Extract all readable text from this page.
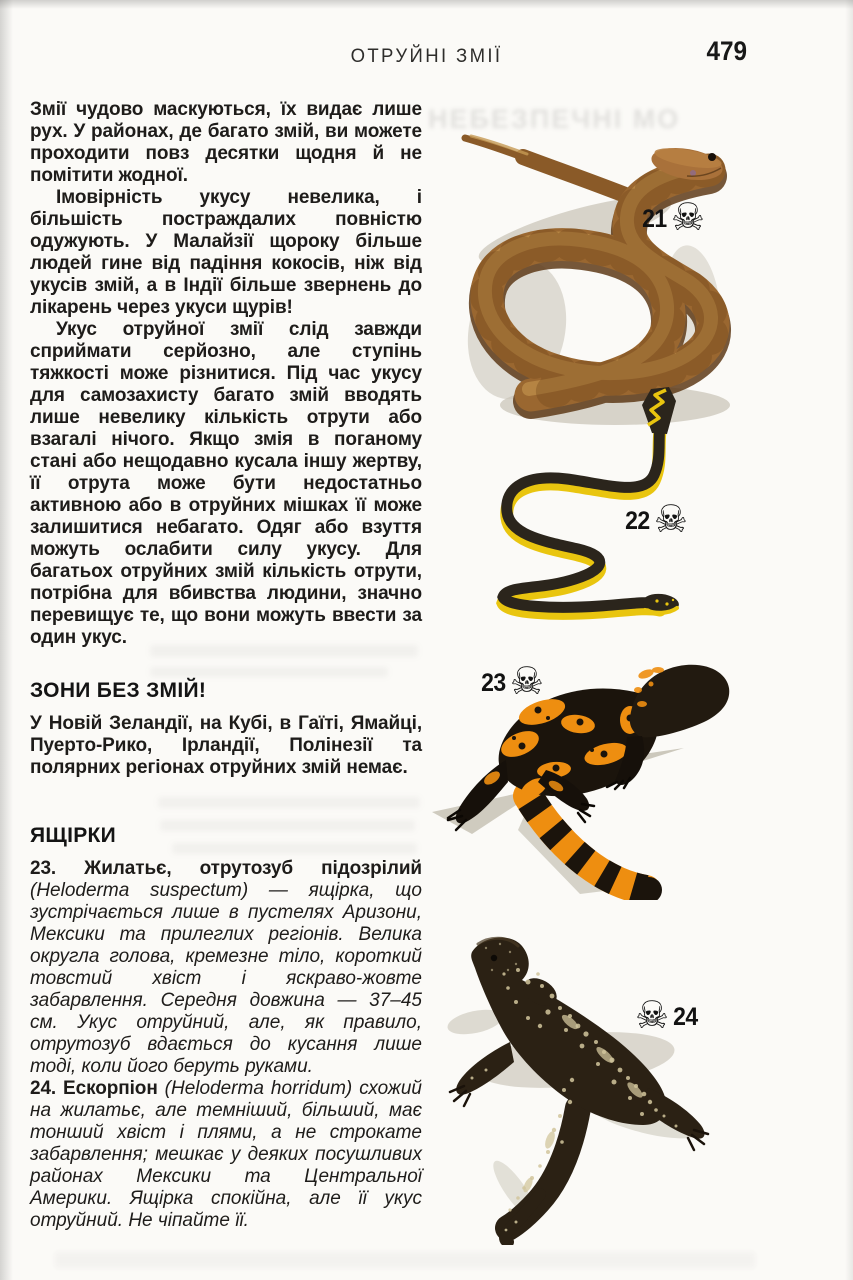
НЕБЕЗПЕЧНІ МО
ОТРУЙНІ ЗМІЇ	479

Змії чудово маскуються, їх видає лише рух. У районах, де багато змій, ви можете проходити повз десятки щодня й не помітити жодної.

Імовірність укусу невелика, і більшість постраждалих повністю одужують. У Малайзії щороку більше людей гине від падіння кокосів, ніж від укусів змій, а в Індії більше звернень до лікарень через укуси щурів!

Укус отруйної змії слід завжди сприймати серйозно, але ступінь тяжкості може різнитися. Під час укусу для самозахисту багато змій вводять лише невелику кількість отрути або взагалі нічого. Якщо змія в поганому стані або нещодавно кусала іншу жертву, її отрута може бути недостатньо активною або в отруйних мішках її може залишитися небагато. Одяг або взуття можуть ослабити силу укусу. Для багатьох отруйних змій кількість отрути, потрібна для вбивства людини, значно перевищує те, що вони можуть ввести за один укус.

ЗОНИ БЕЗ ЗМІЙ!

У Новій Зеландії, на Кубі, в Гаїті, Ямайці, Пуерто-Рико, Ірландії, Полінезії та полярних регіонах отруйних змій немає.

ЯЩІРКИ

23. Жилатьє, отрутозуб підозрілий (Heloderma suspectum) — ящірка, що зустрічається лише в пустелях Аризони, Мексики та прилеглих регіонів. Велика округла голова, кремезне тіло, короткий товстий хвіст і яскраво-жовте забарвлення. Середня довжина — 37–45 см. Укус отруйний, але, як правило, отрутозуб вдається до кусання лише тоді, коли його беруть руками.

24. Ескорпіон (Heloderma horridum) схожий на жилатьє, але темніший, більший, має тонший хвіст і плями, а не строкате забарвлення; мешкає у деяких посушливих районах Мексики та Центральної Америки. Ящірка спокійна, але її укус отруйний. Не чіпайте її.

21 ☠
22 ☠
23 ☠
24
☠
